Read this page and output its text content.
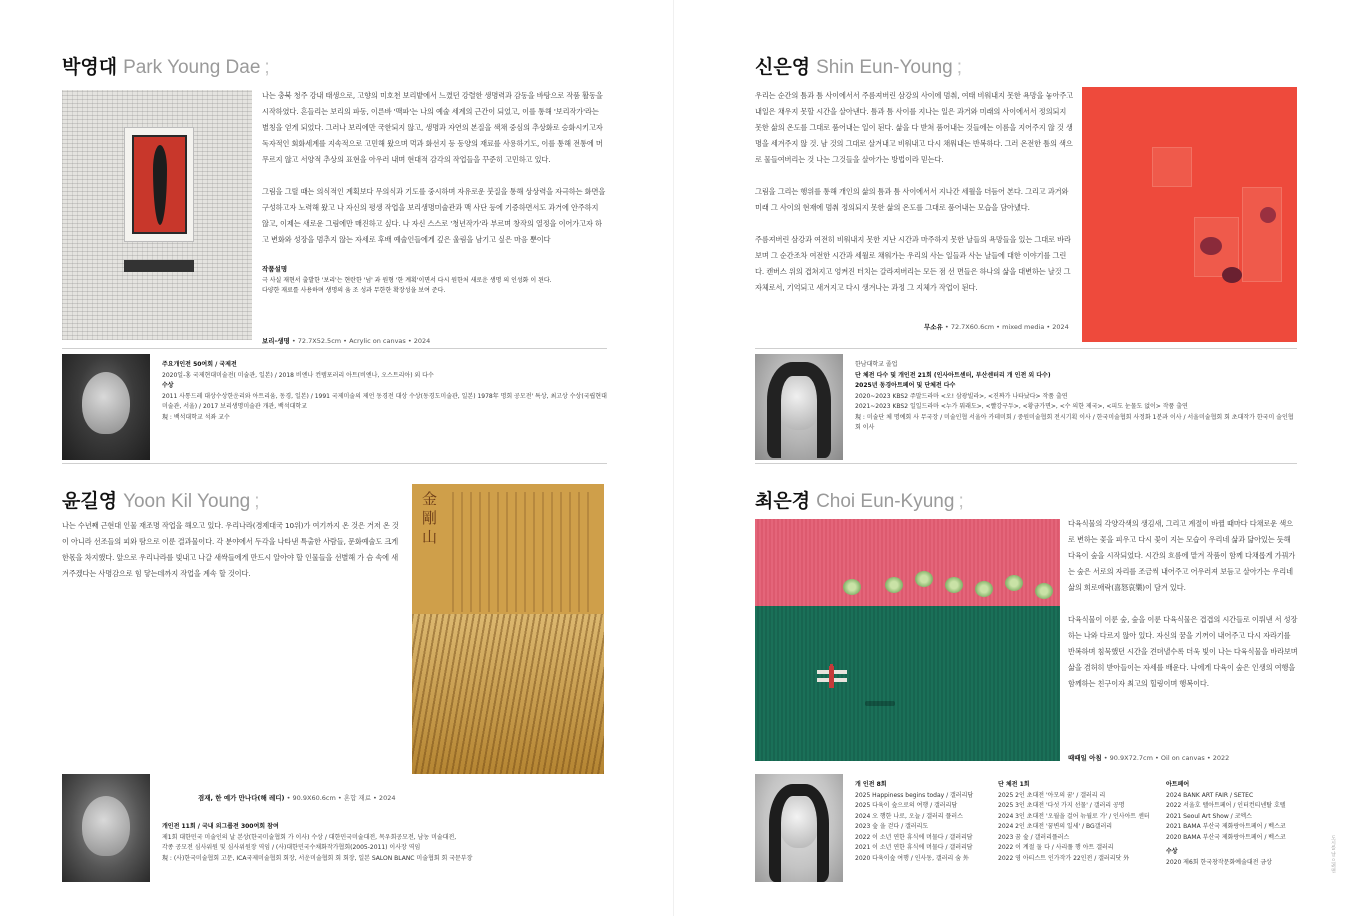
박영대 Park Young Dae ;

나는 충북 청주 강내 태생으로, 고향의 미호천 보리밭에서 느꼈던 강렬한 생명력과 감동을 바탕으로 작품 활동을 시작하였다. 흔들리는 보리의 파동, 이른바 '맥파'는 나의 예술 세계의 근간이 되었고, 이를 통해 '보리작가'라는 별칭을 얻게 되었다. 그러나 보리에만 국한되지 않고, 생명과 자연의 본질을 색채 중심의 추상화로 승화시키고자 독자적인 회화세계를 지속적으로 고민해 왔으며 먹과 화선지 등 동양의 재료를 사용하기도, 이를 통해 전통에 머무르지 않고 서양적 추상의 표현을 아우러 내며 현대적 감각의 작업들을 꾸준히 고민하고 있다.

그림을 그릴 때는 의식적인 계획보다 무의식과 기도를 중시하며 자유로운 붓질을 통해 상상력을 자극하는 화면을 구성하고자 노력해 왔고 나 자신의 평생 작업을 보리생명미술관과 맥 사단 등에 기증하면서도 과거에 안주하지 않고, 이제는 새로운 그림에만 매진하고 싶다. 나 자신 스스로 '청년작가'라 부르며 창작의 열정을 이어가고자 하고 변화와 성장을 멈추지 않는 자세로 후배 예술인들에게 깊은 울림을 남기고 싶은 마음 뿐이다

작품설명
극 사실 재현서 출발한 '보리'는 현란한 '넘' 과 원형 '한 계획'이면서 다시 원한처 새로운 생명 의 인성화 이 된다.
다양한 재료를 사용하며 생명의 움 조 성과 무한한 확장성을 보여 준다.
보리-생명 • 72.7X52.5cm • Acrylic on canvas • 2024
주요개인전 50여회 / 국제전
2020일-홍 국제현대미술전( 미술관, 일본) / 2018 비엔나 컨템포러리 아트(비엔나, 오스트리아) 외 다수
수상
2011 사통드레 대상수상한운리와 아트리움, 동경, 일본) / 1991 국제미술의 제언 동경전 대상 수상(동경도미술관, 일본) 1978年 명회 공모전' 특상, 최고상 수상(국립현대미술관, 서울) / 2017 보리생명미술관 개관, 백석대학교
現 : 백석대학교 석좌 교수
윤길영 Yoon Kil Young ;

나는 수년째 근현대 인물 재조명 작업을 해오고 있다. 우리나라(경제대국 10위)가 여기까지 온 것은 거저 온 것이 아니라 선조들의 피와 땀으로 이룬 결과물이다. 각 분야에서 두각을 나타낸 특출한 사람들, 문화예술도 크게 한몫을 차지했다. 앞으로 우리나라를 빛내고 나갈 새싹들에게 만드시 알아야 할 인물들을 선별해 가 슴 속에 새겨주겠다는 사명감으로 힘 닿는데까지 작업을 계속 할 것이다.

金剛山
겸재, 한 예가 만나다(해 레디) • 90.9X60.6cm • 혼합 재료 • 2024
개인전 11회 / 국내 외그룹전 300여회 참여
제1회 대한민국 미술인의 날 본상(한국미술협회 가 이사) 수상 / 대한민국미술대전, 목우회공모전, 남농 미술대전,
각종 공모전 심사위원 및 심사위원장 역임 / (사)대한민국수채화작가협회(2005-2011) 이사장 역임
現 : (사)한국미술협회 고문, ICA국제미술협회 회장, 서운미술협회 회 회장, 일본 SALON BLANC 미술협회 회 국문부장
신은영 Shin Eun-Young ;

우리는 순간의 틈과 틈 사이에서서 주름져버린 삼강의 사이에 멈춰, 여태 비워내지 못한 욕망을 놓아주고 내일은 채우지 못할 시간을 살아낸다. 틈과 틈 사이를 지나는 일은 과거와 미래의 사이에서서 정의되지 못한 삶의 온도를 그대로 품어내는 일이 된다. 삶을 다 받쳐 품어내는 것들에는 이름을 지어주지 않 것 생명을 세겨주지 않 것. 남 것의 그대로 살겨내고 비워내고 다시 채워내는 반복하다. 그러 온전한 틈의 색으로 물들여버리는 것 나는 그것들을 살아가는 방법이라 믿는다.

그림을 그리는 행위를 통해 개인의 삶의 틈과 틈 사이에서서 지나간 세월을 더듬어 본다. 그리고 과거와 미래 그 사이의 현재에 멈춰 정의되지 못한 삶의 온도를 그대로 품어내는 모습을 담아냈다.

주름져버린 삼강과 여전히 비워내지 못한 지난 시간과 마주하지 못한 날들의 욕망들을 있는 그대로 바라보며 그 순간조차 여전한 시간과 세월로 채워가는 우리의 사는 일들과 사는 날들에 대한 이야기를 그린다. 캔버스 위의 겹쳐지고 엉켜진 터치는 갈라져버리는 모든 점 선 면들은 하나의 삶을 대변하는 날것 그 자체로서, 기억되고 새겨지고 다시 생겨나는 과정 그 지체가 작업이 된다.

무소유 • 72.7X60.6cm • mixed media • 2024
한남대학교 졸업
단 체전 다수 및 개인전 21회 (인사아트센터, 부산센터리 개 인전 외 다수)
2025년 동경아트페어 및 단체전 다수
2020~2023 KBS2 주말드라마 <오! 삼광빌라>, <진짜가 나타났다> 작품 출연
2021~2023 KBS2 일일드라마 <누가 뭐래도>, <빨강구두>, <황금가면>, <수 의한 제국>, <피도 눈물도 없이> 작품 출연
現 : 미술단 체 명예회 사 무국장 / 미술인협 서울아 카데미회 / 중원미술협회 전시기획 이사 / 한국미술협회 사정화 1분과 이사 / 서울미술협회 회 초대작가 한국미 술인협회 이사
최은경 Choi Eun-Kyung ;

다육식물의 각양각색의 생김새, 그리고 계절이 바뀔 때마다 다채로운 색으로 변하는 꽃을 피우고 다시 꽃이 지는 모습이 우리네 삶과 닮아있는 듯해 다육이 숲을 시작되었다. 시간의 흐름에 맡겨 작품이 함께 다채롭게 가꿔가는 숲은 서로의 자리를 조금씩 내어주고 어우러져 보듬고 살아가는 우리네 삶의 희로애락(喜怒哀樂)이 담겨 있다.

다육식물이 이룬 숲, 숲을 이룬 다육식물은 겹겹의 시간들로 이뤄낸 서 성장하는 나와 다르지 않아 있다. 자신의 꿈을 기꺼이 내어주고 다시 자라기를 반복하며 침묵했던 시간을 견뎌낼수록 더욱 빛이 나는 다육식물을 바라보며 삶을 겸허히 받아들이는 자세를 배운다. 나에게 다육이 숲은 인생의 여행을 함께하는 친구이자 최고의 힐링이며 행복이다.

때때일 아침 • 90.9X72.7cm • Oil on canvas • 2022
개 인전 8회
2025 Happiness begins today / 갤러리담
2025 다육이 숲으로의 여행 / 갤러리담
2024 오 행한 나로, 오늘 / 갤러리 플러스
2023 숲 을 걷다 / 갤러리도
2022 이 소년 연한 휴식에 머물다 / 갤러리담
2021 이 소년 연한 휴식에 머물다 / 갤러리담
2020 다육이숲 여행 / 인사동, 갤러리 숨 外
단 체전 1회
2025 2인 초대전 '아모의 꿈' / 갤러리 리
2025 3인 초대전 '다섯 가지 선물' / 갤러리 공명
2024 3인 초대전 '오월을 걸어 뉴월로 가' / 인사아트 센터
2024 2인 초대전 '꿈변의 일세' / BG갤러리
2023 꿈 숲 / 갤러리플러스
2022 이 계절 둘 다 / 사리풀 행 아트 갤러리
2022 영 아티스트 인가작가 22인전 / 갤러리닷 外
아트페어
2024 BANK ART FAIR / SETEC
2022 서울호 텔아트페어 / 인터컨티넨탈 호텔
2021 Seoul Art Show / 코엑스
2021 BAMA 부산국 제화랑아트페어 / 벡스코
2020 BAMA 부산국 제화랑아트페어 / 벡스코
수상
2020 제6회 한국창작문화예술대전 금상	도시를 날 으려면
